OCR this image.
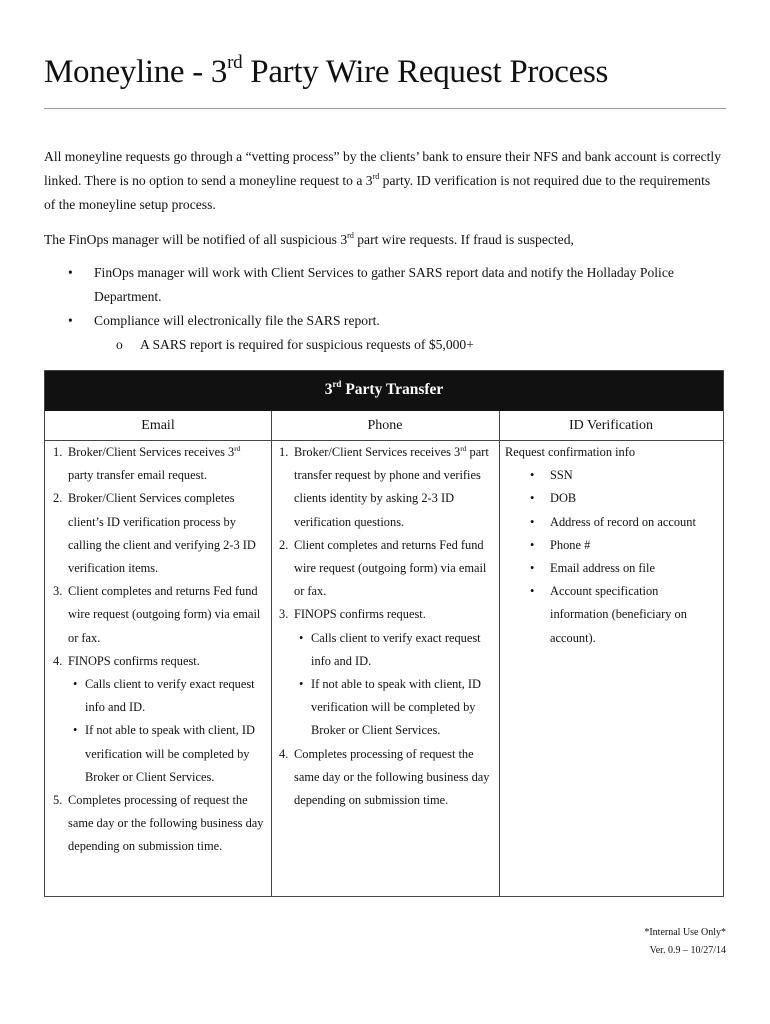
Moneyline - 3rd Party Wire Request Process

All moneyline requests go through a “vetting process” by the clients’ bank to ensure their NFS and bank account is correctly linked. There is no option to send a moneyline request to a 3rd party. ID verification is not required due to the requirements of the moneyline setup process.

The FinOps manager will be notified of all suspicious 3rd part wire requests. If fraud is suspected,

• FinOps manager will work with Client Services to gather SARS report data and notify the Holladay Police Department.
• Compliance will electronically file the SARS report.
o A SARS report is required for suspicious requests of $5,000+
3rd Party Transfer
Email	Phone	ID Verification
1. Broker/Client Services receives 3rd party transfer email request.
2. Broker/Client Services completes client’s ID verification process by calling the client and verifying 2-3 ID verification items.
3. Client completes and returns Fed fund wire request (outgoing form) via email or fax.
4. FINOPS confirms request.
• Calls client to verify exact request info and ID.
• If not able to speak with client, ID verification will be completed by Broker or Client Services.
5. Completes processing of request the same day or the following business day depending on submission time.
1. Broker/Client Services receives 3rd part transfer request by phone and verifies clients identity by asking 2-3 ID verification questions.
2. Client completes and returns Fed fund wire request (outgoing form) via email or fax.
3. FINOPS confirms request.
• Calls client to verify exact request info and ID.
• If not able to speak with client, ID verification will be completed by Broker or Client Services.
4. Completes processing of request the same day or the following business day depending on submission time.
Request confirmation info
• SSN
• DOB
• Address of record on account
• Phone #
• Email address on file
• Account specification information (beneficiary on account).
*Internal Use Only*
Ver. 0.9 – 10/27/14
